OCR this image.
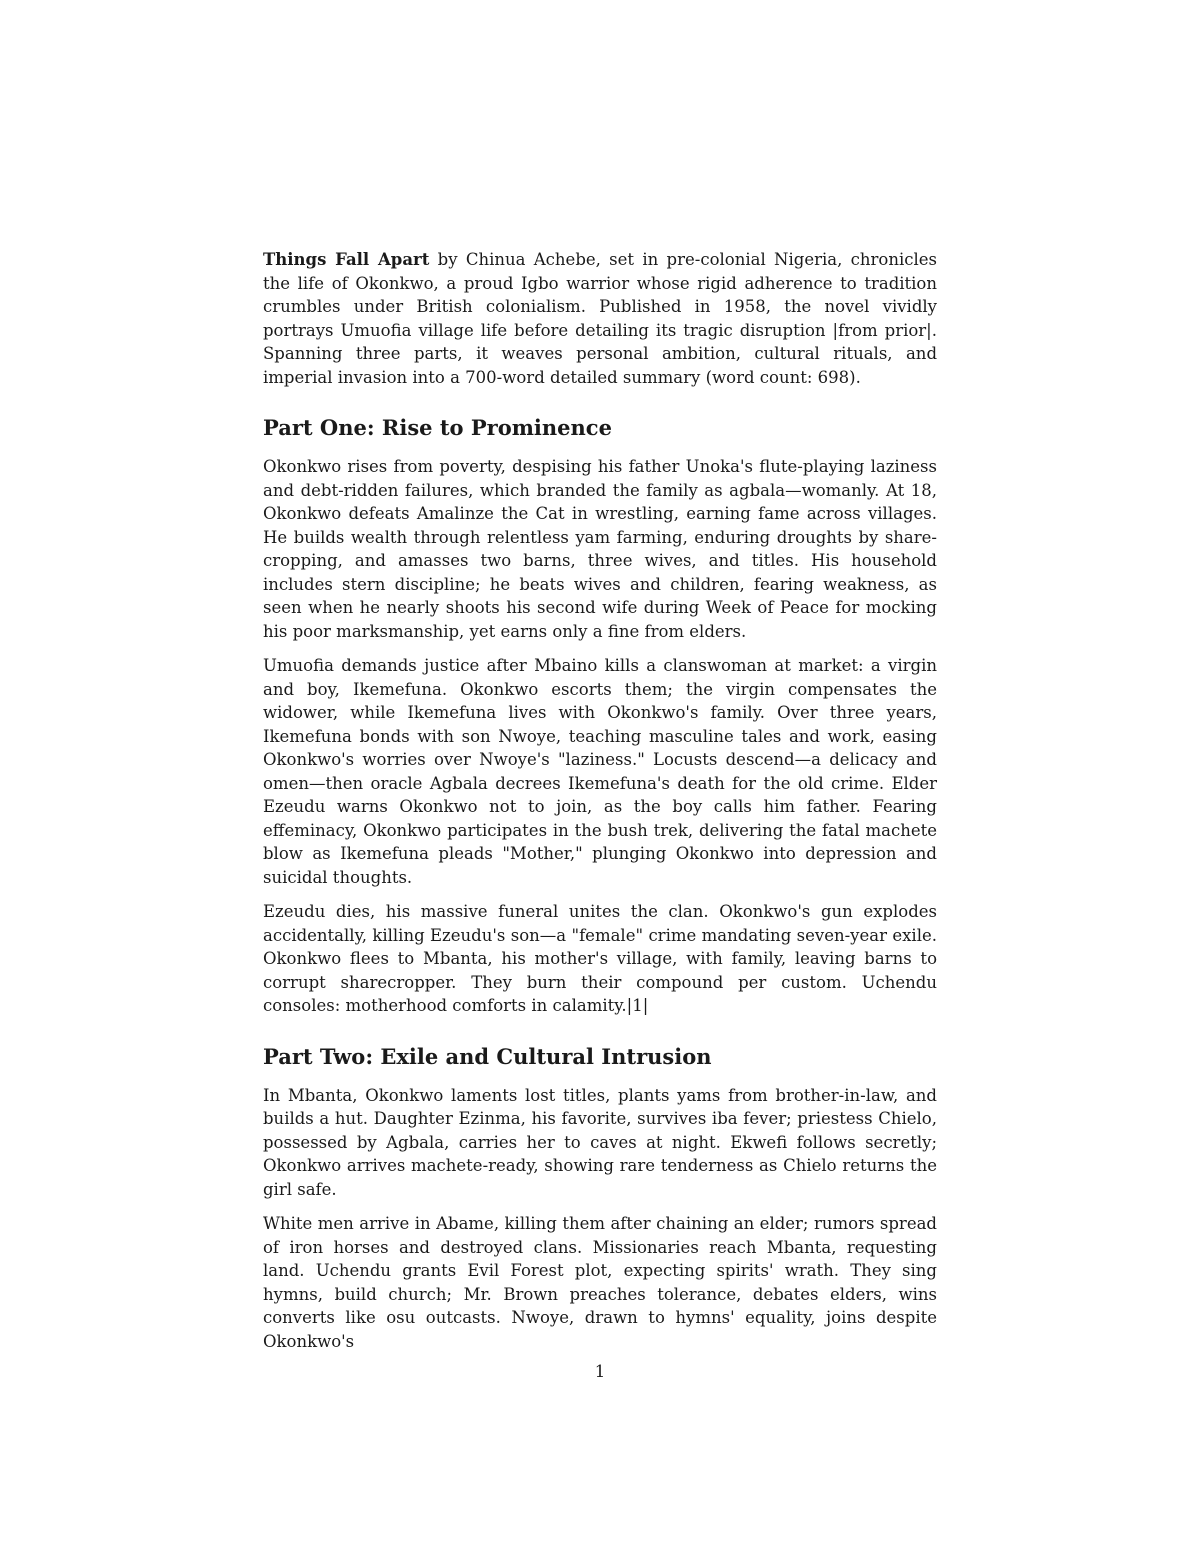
Things Fall Apart by Chinua Achebe, set in pre-colonial Nigeria, chronicles the life of Okonkwo, a proud Igbo warrior whose rigid adherence to tradition crumbles under British colonialism. Published in 1958, the novel vividly portrays Umuofia village life before detailing its tragic disruption |from prior|. Spanning three parts, it weaves personal ambition, cultural rituals, and imperial invasion into a 700-word detailed summary (word count: 698).

Part One: Rise to Prominence

Okonkwo rises from poverty, despising his father Unoka's flute-playing laziness and debt-ridden failures, which branded the family as agbala—womanly. At 18, Okonkwo defeats Amalinze the Cat in wrestling, earning fame across villages. He builds wealth through relentless yam farming, enduring droughts by share-cropping, and amasses two barns, three wives, and titles. His household includes stern discipline; he beats wives and children, fearing weakness, as seen when he nearly shoots his second wife during Week of Peace for mocking his poor marksmanship, yet earns only a fine from elders.

Umuofia demands justice after Mbaino kills a clanswoman at market: a virgin and boy, Ikemefuna. Okonkwo escorts them; the virgin compensates the widower, while Ikemefuna lives with Okonkwo's family. Over three years, Ikemefuna bonds with son Nwoye, teaching masculine tales and work, easing Okonkwo's worries over Nwoye's "laziness." Locusts descend—a delicacy and omen—then oracle Agbala decrees Ikemefuna's death for the old crime. Elder Ezeudu warns Okonkwo not to join, as the boy calls him father. Fearing effeminacy, Okonkwo participates in the bush trek, delivering the fatal machete blow as Ikemefuna pleads "Mother," plunging Okonkwo into depression and suicidal thoughts.

Ezeudu dies, his massive funeral unites the clan. Okonkwo's gun explodes accidentally, killing Ezeudu's son—a "female" crime mandating seven-year exile. Okonkwo flees to Mbanta, his mother's village, with family, leaving barns to corrupt sharecropper. They burn their compound per custom. Uchendu consoles: motherhood comforts in calamity.|1|

Part Two: Exile and Cultural Intrusion

In Mbanta, Okonkwo laments lost titles, plants yams from brother-in-law, and builds a hut. Daughter Ezinma, his favorite, survives iba fever; priestess Chielo, possessed by Agbala, carries her to caves at night. Ekwefi follows secretly; Okonkwo arrives machete-ready, showing rare tenderness as Chielo returns the girl safe.

White men arrive in Abame, killing them after chaining an elder; rumors spread of iron horses and destroyed clans. Missionaries reach Mbanta, requesting land. Uchendu grants Evil Forest plot, expecting spirits' wrath. They sing hymns, build church; Mr. Brown preaches tolerance, debates elders, wins converts like osu outcasts. Nwoye, drawn to hymns' equality, joins despite Okonkwo's

1
